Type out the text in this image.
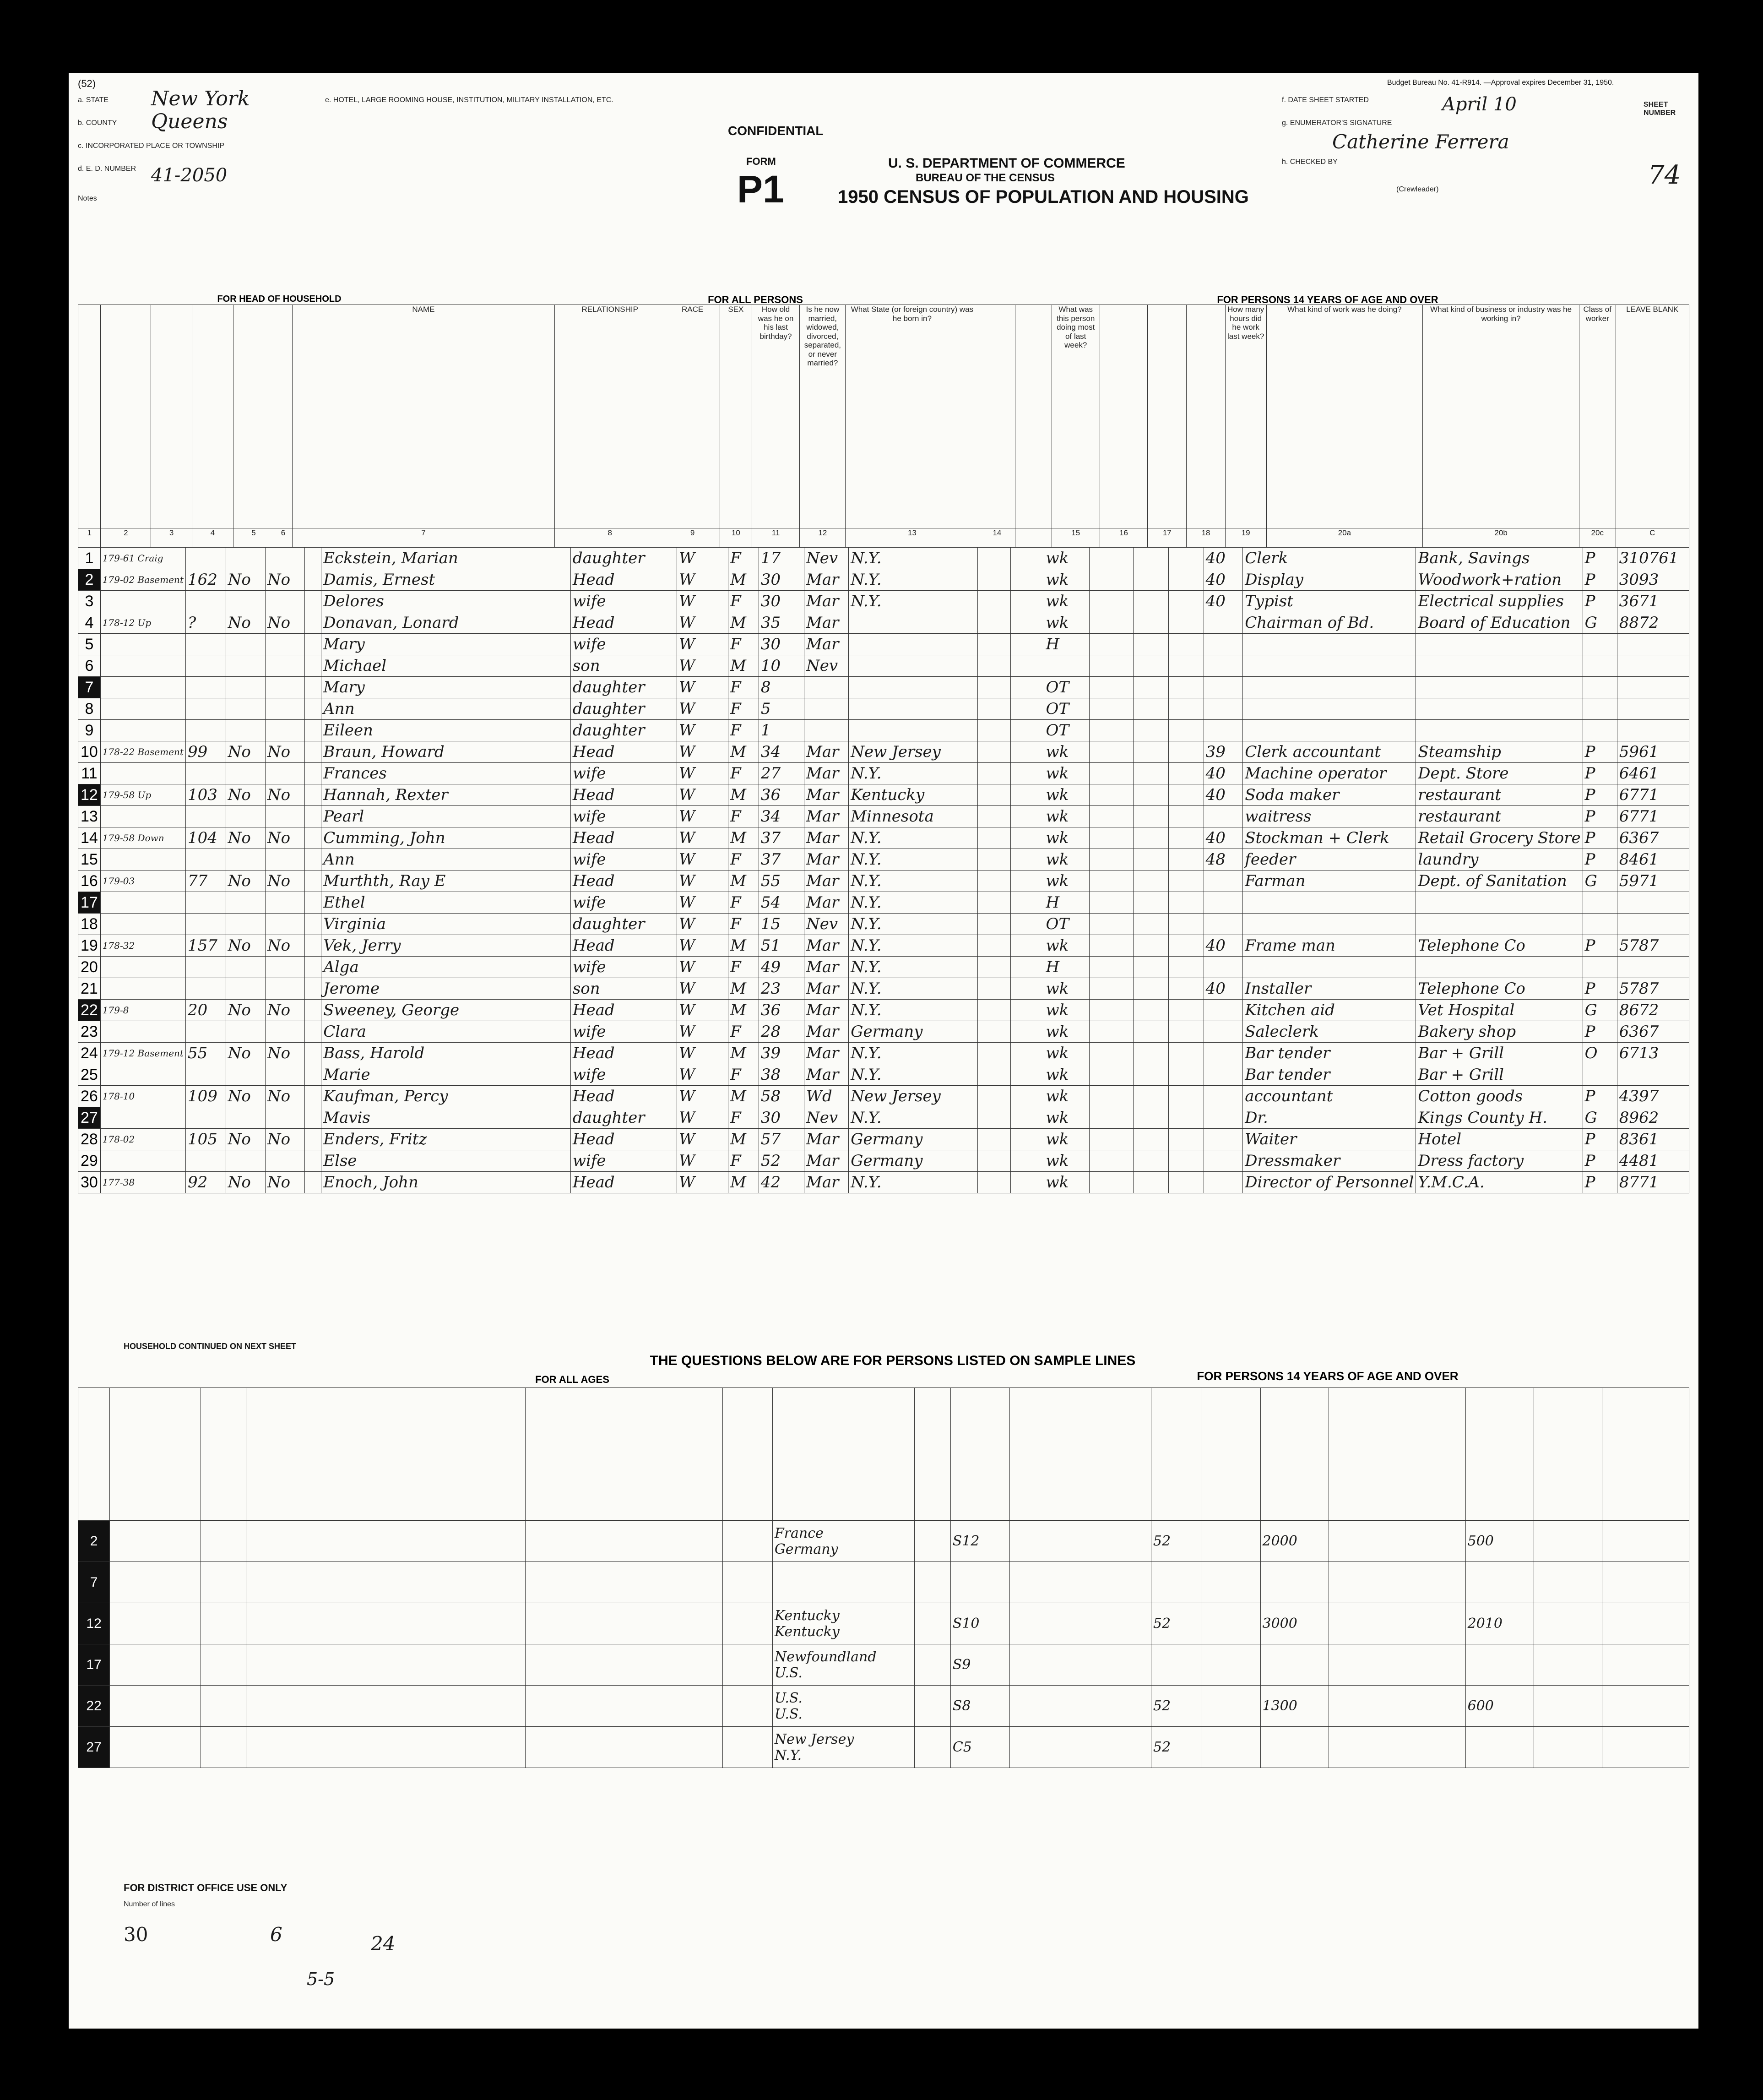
(52)
a. STATE New York
b. COUNTY Queens
c. INCORPORATED PLACE OR TOWNSHIP
d. E. D. NUMBER 41-2050
Notes
e. HOTEL, LARGE ROOMING HOUSE, INSTITUTION, MILITARY INSTALLATION, ETC.
CONFIDENTIAL
FORM
P1
U. S. DEPARTMENT OF COMMERCE
BUREAU OF THE CENSUS
1950 CENSUS OF POPULATION AND HOUSING
Budget Bureau No. 41-R914. —Approval expires December 31, 1950.
f. DATE SHEET STARTED	April 10
g. ENUMERATOR'S SIGNATURE
Catherine Ferrera
h. CHECKED BY
(Crewleader)
SHEET NUMBER
74
FOR HEAD OF HOUSEHOLD	FOR ALL PERSONS	FOR PERSONS 14 YEARS OF AGE AND OVER
						NAME	RELATIONSHIP	RACE	SEX	How old was he on his last birthday?	Is he now married, widowed, divorced, separated, or never married?	What State (or foreign country) was he born in?			What was this person doing most of last week?				How many hours did he work last week?	What kind of work was he doing?	What kind of business or industry was he working in?	Class of worker	LEAVE BLANK
1	2	3	4	5	6	7	8	9	10	11	12	13	14		15	16	17	18	19	20a	20b	20c	C
1	179-61 Craig					Eckstein, Marian	daughter	W	F	17	Nev	N.Y.			wk				40	Clerk	Bank, Savings	P	310761
2	179-02 Basement	162	No	No		Damis, Ernest	Head	W	M	30	Mar	N.Y.			wk				40	Display	Woodwork+ration	P	3093
3						Delores	wife	W	F	30	Mar	N.Y.			wk				40	Typist	Electrical supplies	P	3671
4	178-12 Up	?	No	No		Donavan, Lonard	Head	W	M	35	Mar				wk					Chairman of Bd.	Board of Education	G	8872
5						Mary	wife	W	F	30	Mar				H								
6						Michael	son	W	M	10	Nev												
7						Mary	daughter	W	F	8					OT								
8						Ann	daughter	W	F	5					OT								
9						Eileen	daughter	W	F	1					OT								
10	178-22 Basement	99	No	No		Braun, Howard	Head	W	M	34	Mar	New Jersey			wk				39	Clerk accountant	Steamship	P	5961
11						Frances	wife	W	F	27	Mar	N.Y.			wk				40	Machine operator	Dept. Store	P	6461
12	179-58 Up	103	No	No		Hannah, Rexter	Head	W	M	36	Mar	Kentucky			wk				40	Soda maker	restaurant	P	6771
13						Pearl	wife	W	F	34	Mar	Minnesota			wk					waitress	restaurant	P	6771
14	179-58 Down	104	No	No		Cumming, John	Head	W	M	37	Mar	N.Y.			wk				40	Stockman + Clerk	Retail Grocery Store	P	6367
15						Ann	wife	W	F	37	Mar	N.Y.			wk				48	feeder	laundry	P	8461
16	179-03	77	No	No		Murthth, Ray E	Head	W	M	55	Mar	N.Y.			wk					Farman	Dept. of Sanitation	G	5971
17						Ethel	wife	W	F	54	Mar	N.Y.			H								
18						Virginia	daughter	W	F	15	Nev	N.Y.			OT								
19	178-32	157	No	No		Vek, Jerry	Head	W	M	51	Mar	N.Y.			wk				40	Frame man	Telephone Co	P	5787
20						Alga	wife	W	F	49	Mar	N.Y.			H								
21						Jerome	son	W	M	23	Mar	N.Y.			wk				40	Installer	Telephone Co	P	5787
22	179-8	20	No	No		Sweeney, George	Head	W	M	36	Mar	N.Y.			wk					Kitchen aid	Vet Hospital	G	8672
23						Clara	wife	W	F	28	Mar	Germany			wk					Saleclerk	Bakery shop	P	6367
24	179-12 Basement	55	No	No		Bass, Harold	Head	W	M	39	Mar	N.Y.			wk					Bar tender	Bar + Grill	O	6713
25						Marie	wife	W	F	38	Mar	N.Y.			wk					Bar tender	Bar + Grill		
26	178-10	109	No	No		Kaufman, Percy	Head	W	M	58	Wd	New Jersey			wk					accountant	Cotton goods	P	4397
27						Mavis	daughter	W	F	30	Nev	N.Y.			wk					Dr.	Kings County H.	G	8962
28	178-02	105	No	No		Enders, Fritz	Head	W	M	57	Mar	Germany			wk					Waiter	Hotel	P	8361
29						Else	wife	W	F	52	Mar	Germany			wk					Dressmaker	Dress factory	P	4481
30	177-38	92	No	No		Enoch, John	Head	W	M	42	Mar	N.Y.			wk					Director of Personnel	Y.M.C.A.	P	8771
HOUSEHOLD CONTINUED ON NEXT SHEET
THE QUESTIONS BELOW ARE FOR PERSONS LISTED ON SAMPLE LINES
FOR ALL AGES	FOR PERSONS 14 YEARS OF AGE AND OVER

2							France
Germany		S12			52		2000			500		
7							

12							Kentucky
Kentucky		S10			52		3000			2010		
17							Newfoundland
U.S.		S9										
22							U.S.
U.S.		S8			52		1300			600		
27							New Jersey
N.Y.		C5			52							
FOR DISTRICT OFFICE USE ONLY
Number of lines
30	6	24
5-5
